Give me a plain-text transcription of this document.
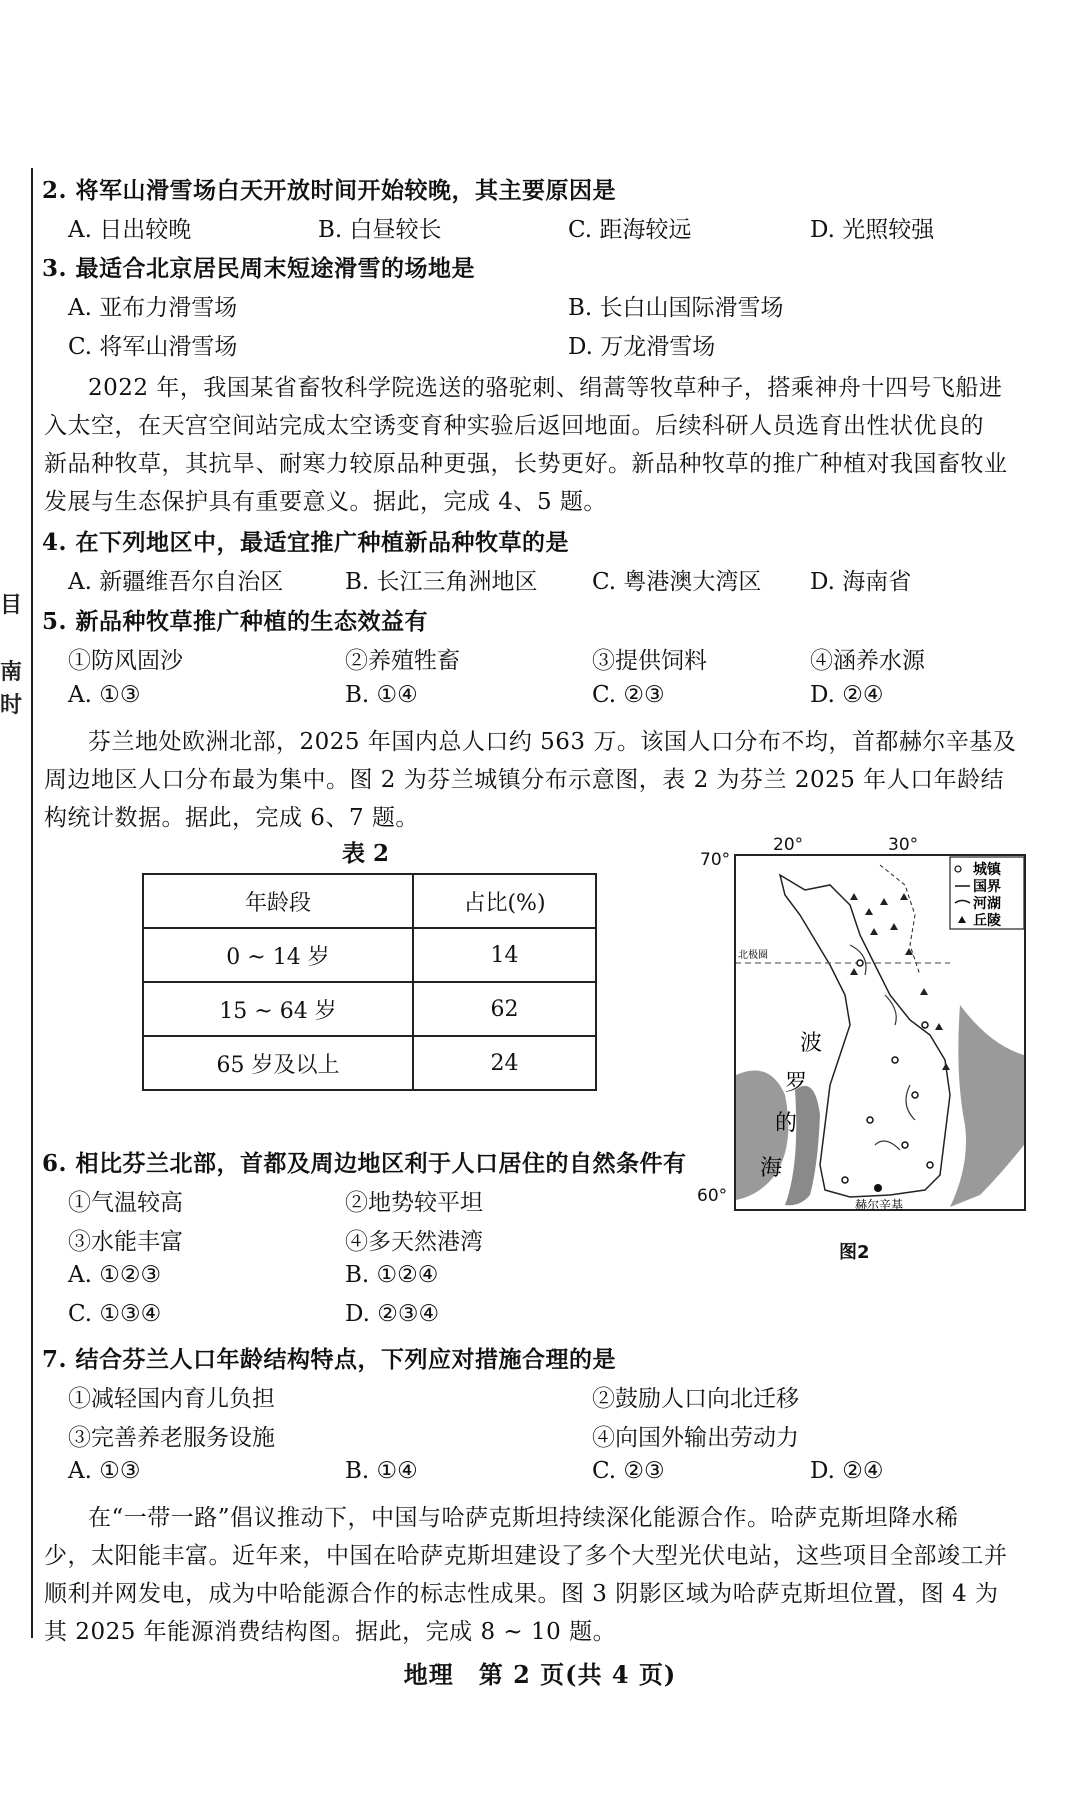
目
南
时
2. 将军山滑雪场白天开放时间开始较晚，其主要原因是
A. 日出较晚	B. 白昼较长	C. 距海较远	D. 光照较强
3. 最适合北京居民周末短途滑雪的场地是
A. 亚布力滑雪场	B. 长白山国际滑雪场
C. 将军山滑雪场	D. 万龙滑雪场
2022 年，我国某省畜牧科学院选送的骆驼刺、绢蒿等牧草种子，搭乘神舟十四号飞船进
入太空，在天宫空间站完成太空诱变育种实验后返回地面。后续科研人员选育出性状优良的
新品种牧草，其抗旱、耐寒力较原品种更强，长势更好。新品种牧草的推广种植对我国畜牧业
发展与生态保护具有重要意义。据此，完成 4、5 题。
4. 在下列地区中，最适宜推广种植新品种牧草的是
A. 新疆维吾尔自治区	B. 长江三角洲地区 C. 粤港澳大湾区 D. 海南省
5. 新品种牧草推广种植的生态效益有
①防风固沙	②养殖牲畜	③提供饲料	④涵养水源
A. ①③	B. ①④	C. ②③	D. ②④
芬兰地处欧洲北部，2025 年国内总人口约 563 万。该国人口分布不均，首都赫尔辛基及
周边地区人口分布最为集中。图 2 为芬兰城镇分布示意图，表 2 为芬兰 2025 年人口年龄结
构统计数据。据此，完成 6、7 题。
表 2
年龄段	占比(%)
0 ~ 14 岁	14
15 ~ 64 岁	62
65 岁及以上	24
20°	30°
70°
60°
城镇
国界
河湖
丘陵
北极圈
波
罗
的
海
赫尔辛基
图2
6. 相比芬兰北部，首都及周边地区利于人口居住的自然条件有
①气温较高	②地势较平坦
③水能丰富	④多天然港湾
A. ①②③	B. ①②④
C. ①③④	D. ②③④
7. 结合芬兰人口年龄结构特点，下列应对措施合理的是
①减轻国内育儿负担	②鼓励人口向北迁移
③完善养老服务设施	④向国外输出劳动力
A. ①③	B. ①④	C. ②③	D. ②④
在“一带一路”倡议推动下，中国与哈萨克斯坦持续深化能源合作。哈萨克斯坦降水稀
少，太阳能丰富。近年来，中国在哈萨克斯坦建设了多个大型光伏电站，这些项目全部竣工并
顺利并网发电，成为中哈能源合作的标志性成果。图 3 阴影区域为哈萨克斯坦位置，图 4 为
其 2025 年能源消费结构图。据此，完成 8 ~ 10 题。
地理　第 2 页(共 4 页)
